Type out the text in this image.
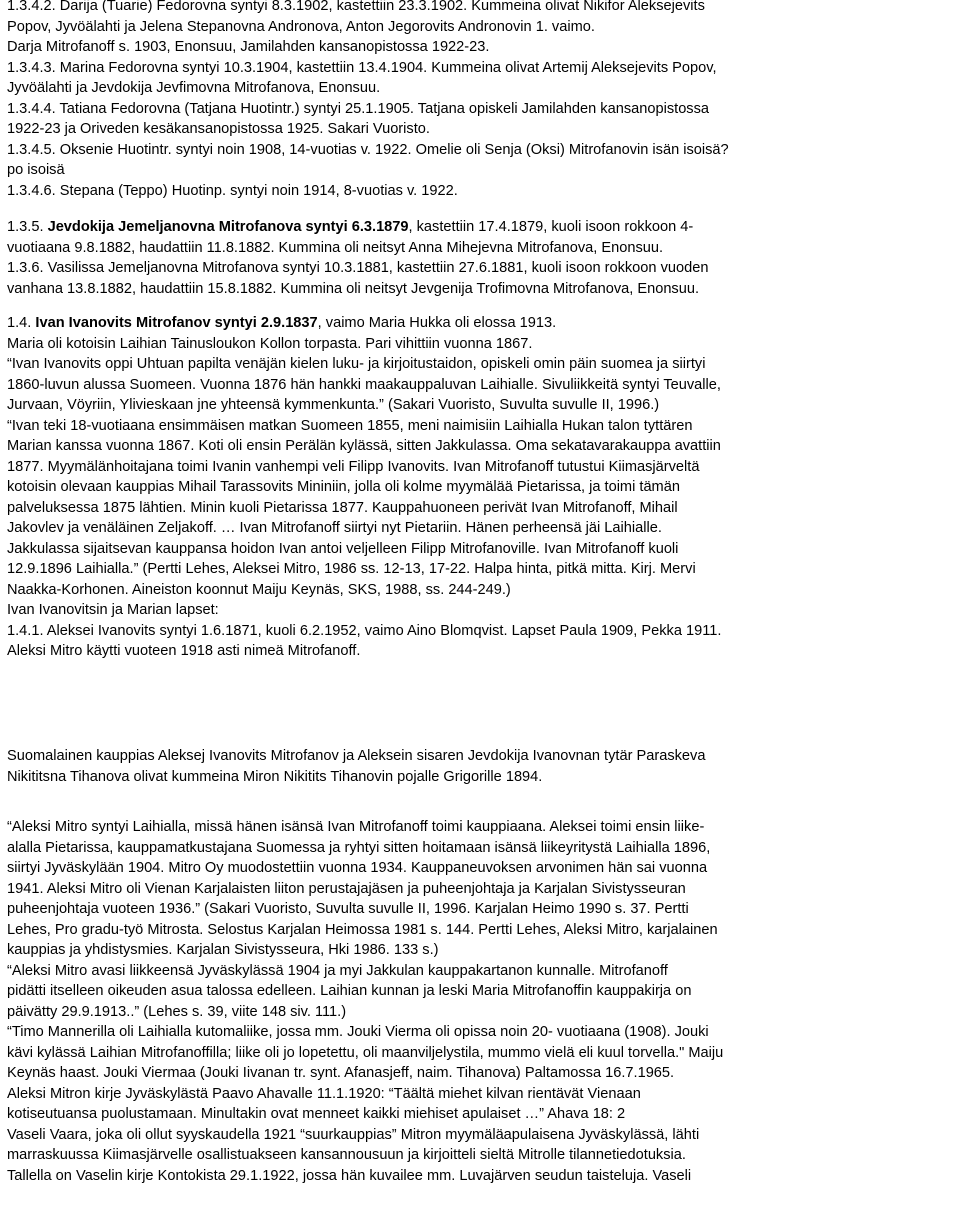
1.3.4.2. Darija (Tuarie) Fedorovna syntyi 8.3.1902, kastettiin 23.3.1902. Kummeina olivat Nikifor Aleksejevits
Popov, Jyvöälahti ja Jelena Stepanovna Andronova, Anton Jegorovits Andronovin 1. vaimo.
Darja Mitrofanoff s. 1903, Enonsuu, Jamilahden kansanopistossa 1922-23.
1.3.4.3. Marina Fedorovna syntyi 10.3.1904, kastettiin 13.4.1904. Kummeina olivat Artemij Aleksejevits Popov,
Jyvöälahti ja Jevdokija Jevfimovna Mitrofanova, Enonsuu.
1.3.4.4. Tatiana Fedorovna (Tatjana Huotintr.) syntyi 25.1.1905. Tatjana opiskeli Jamilahden kansanopistossa
1922-23 ja Oriveden kesäkansanopistossa 1925. Sakari Vuoristo.
1.3.4.5. Oksenie Huotintr. syntyi noin 1908, 14-vuotias v. 1922. Omelie oli Senja (Oksi) Mitrofanovin isän isoisä?
po isoisä
1.3.4.6. Stepana (Teppo) Huotinp. syntyi noin 1914, 8-vuotias v. 1922.
1.3.5. Jevdokija Jemeljanovna Mitrofanova syntyi 6.3.1879, kastettiin 17.4.1879, kuoli isoon rokkoon 4-
vuotiaana 9.8.1882, haudattiin 11.8.1882. Kummina oli neitsyt Anna Mihejevna Mitrofanova, Enonsuu.
1.3.6. Vasilissa Jemeljanovna Mitrofanova syntyi 10.3.1881, kastettiin 27.6.1881, kuoli isoon rokkoon vuoden
vanhana 13.8.1882, haudattiin 15.8.1882. Kummina oli neitsyt Jevgenija Trofimovna Mitrofanova, Enonsuu.
1.4. Ivan Ivanovits Mitrofanov syntyi 2.9.1837, vaimo Maria Hukka oli elossa 1913.
Maria oli kotoisin Laihian Tainusloukon Kollon torpasta. Pari vihittiin vuonna 1867.
“Ivan Ivanovits oppi Uhtuan papilta venäjän kielen luku- ja kirjoitustaidon, opiskeli omin päin suomea ja siirtyi
1860-luvun alussa Suomeen. Vuonna 1876 hän hankki maakauppaluvan Laihialle. Sivuliikkeitä syntyi Teuvalle,
Jurvaan, Vöyriin, Ylivieskaan jne yhteensä kymmenkunta.” (Sakari Vuoristo, Suvulta suvulle II, 1996.)
“Ivan teki 18-vuotiaana ensimmäisen matkan Suomeen 1855, meni naimisiin Laihialla Hukan talon tyttären
Marian kanssa vuonna 1867. Koti oli ensin Perälän kylässä, sitten Jakkulassa. Oma sekatavarakauppa avattiin
1877. Myymälänhoitajana toimi Ivanin vanhempi veli Filipp Ivanovits. Ivan Mitrofanoff tutustui Kiimasjärveltä
kotoisin olevaan kauppias Mihail Tarassovits Mininiin, jolla oli kolme myymälää Pietarissa, ja toimi tämän
palveluksessa 1875 lähtien. Minin kuoli Pietarissa 1877. Kauppahuoneen perivät Ivan Mitrofanoff, Mihail
Jakovlev ja venäläinen Zeljakoff. … Ivan Mitrofanoff siirtyi nyt Pietariin. Hänen perheensä jäi Laihialle.
Jakkulassa sijaitsevan kauppansa hoidon Ivan antoi veljelleen Filipp Mitrofanoville. Ivan Mitrofanoff kuoli
12.9.1896 Laihialla.” (Pertti Lehes, Aleksei Mitro, 1986 ss. 12-13, 17-22. Halpa hinta, pitkä mitta. Kirj. Mervi
Naakka-Korhonen. Aineiston koonnut Maiju Keynäs, SKS, 1988, ss. 244-249.)
Ivan Ivanovitsin ja Marian lapset:
1.4.1. Aleksei Ivanovits syntyi 1.6.1871, kuoli 6.2.1952, vaimo Aino Blomqvist. Lapset Paula 1909, Pekka 1911.
Aleksi Mitro käytti vuoteen 1918 asti nimeä Mitrofanoff.
Suomalainen kauppias Aleksej Ivanovits Mitrofanov ja Aleksein sisaren Jevdokija Ivanovnan tytär Paraskeva
Nikititsna Tihanova olivat kummeina Miron Nikitits Tihanovin pojalle Grigorille 1894.
“Aleksi Mitro syntyi Laihialla, missä hänen isänsä Ivan Mitrofanoff toimi kauppiaana. Aleksei toimi ensin liike-
alalla Pietarissa, kauppamatkustajana Suomessa ja ryhtyi sitten hoitamaan isänsä liikeyritystä Laihialla 1896,
siirtyi Jyväskylään 1904. Mitro Oy muodostettiin vuonna 1934. Kauppaneuvoksen arvonimen hän sai vuonna
1941. Aleksi Mitro oli Vienan Karjalaisten liiton perustajajäsen ja puheenjohtaja ja Karjalan Sivistysseuran
puheenjohtaja vuoteen 1936.” (Sakari Vuoristo, Suvulta suvulle II, 1996. Karjalan Heimo 1990 s. 37. Pertti
Lehes, Pro gradu-työ Mitrosta. Selostus Karjalan Heimossa 1981 s. 144. Pertti Lehes, Aleksi Mitro, karjalainen
kauppias ja yhdistysmies. Karjalan Sivistysseura, Hki 1986. 133 s.)
“Aleksi Mitro avasi liikkeensä Jyväskylässä 1904 ja myi Jakkulan kauppakartanon kunnalle. Mitrofanoff
pidätti itselleen oikeuden asua talossa edelleen. Laihian kunnan ja leski Maria Mitrofanoffin kauppakirja on
päivätty 29.9.1913..” (Lehes s. 39, viite 148 siv. 111.)
“Timo Mannerilla oli Laihialla kutomaliike, jossa mm. Jouki Vierma oli opissa noin 20- vuotiaana (1908). Jouki
kävi kylässä Laihian Mitrofanoffilla; liike oli jo lopetettu, oli maanviljelystila, mummo vielä eli kuul torvella." Maiju
Keynäs haast. Jouki Viermaa (Jouki Iivanan tr. synt. Afanasjeff, naim. Tihanova) Paltamossa 16.7.1965.
Aleksi Mitron kirje Jyväskylästä Paavo Ahavalle 11.1.1920: “Täältä miehet kilvan rientävät Vienaan
kotiseutuansa puolustamaan. Minultakin ovat menneet kaikki miehiset apulaiset …” Ahava 18: 2
Vaseli Vaara, joka oli ollut syyskaudella 1921 “suurkauppias” Mitron myymäläapulaisena Jyväskylässä, lähti
marraskuussa Kiimasjärvelle osallistuakseen kansannousuun ja kirjoitteli sieltä Mitrolle tilannetiedotuksia.
Tallella on Vaselin kirje Kontokista 29.1.1922, jossa hän kuvailee mm. Luvajärven seudun taisteluja. Vaseli
